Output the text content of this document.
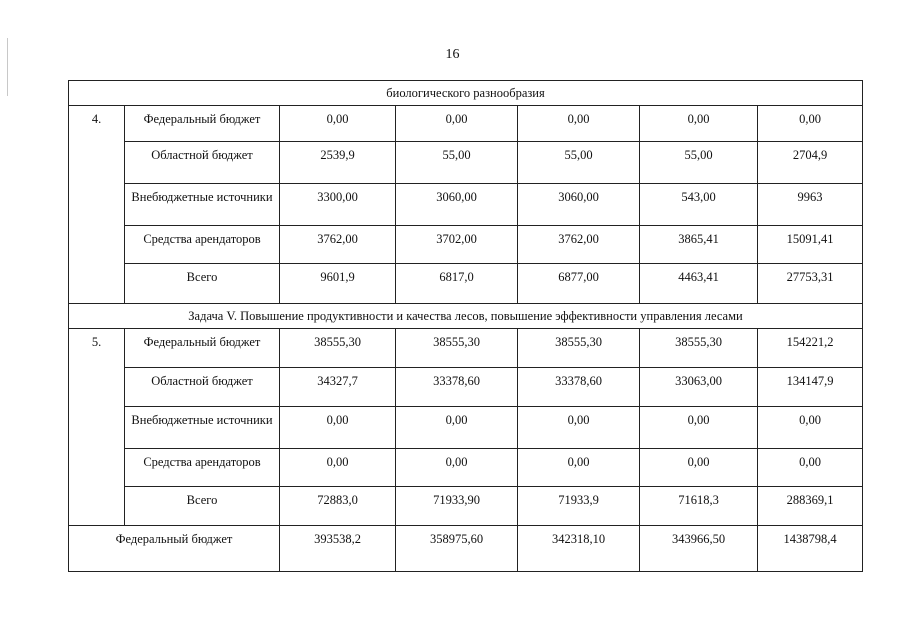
16
биологического разнообразия						
4.	Федеральный бюджет	0,00	0,00	0,00	0,00	0,00
	Областной бюджет	2539,9	55,00	55,00	55,00	2704,9
	Внебюджетные источники	3300,00	3060,00	3060,00	543,00	9963
	Средства арендаторов	3762,00	3702,00	3762,00	3865,41	15091,41
	Всего	9601,9	6817,0	6877,00	4463,41	27753,31
Задача V. Повышение продуктивности и качества лесов, повышение эффективности управления лесами						
5.	Федеральный бюджет	38555,30	38555,30	38555,30	38555,30	154221,2
	Областной бюджет	34327,7	33378,60	33378,60	33063,00	134147,9
	Внебюджетные источники	0,00	0,00	0,00	0,00	0,00
	Средства арендаторов	0,00	0,00	0,00	0,00	0,00
	Всего	72883,0	71933,90	71933,9	71618,3	288369,1
Федеральный бюджет		393538,2	358975,60	342318,10	343966,50	1438798,4
